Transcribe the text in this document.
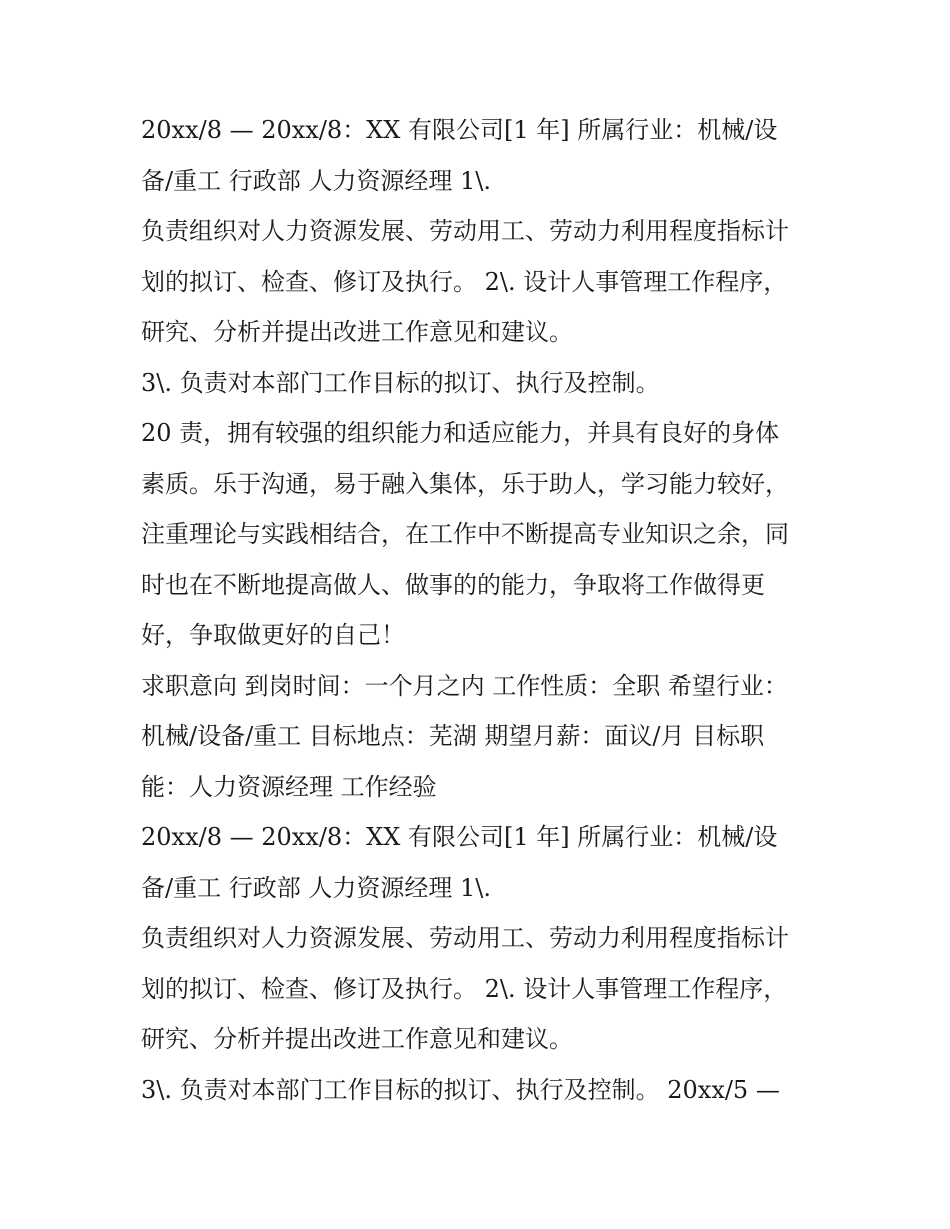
20xx/8 — 20xx/8：XX 有限公司[1 年] 所属行业：机械/设
备/重工 行政部 人力资源经理 1\.
负责组织对人力资源发展、劳动用工、劳动力利用程度指标计
划的拟订、检查、修订及执行。 2\. 设计人事管理工作程序，
研究、分析并提出改进工作意见和建议。
3\. 负责对本部门工作目标的拟订、执行及控制。
20 责，拥有较强的组织能力和适应能力，并具有良好的身体
素质。乐于沟通，易于融入集体，乐于助人，学习能力较好，
注重理论与实践相结合，在工作中不断提高专业知识之余，同
时也在不断地提高做人、做事的的能力，争取将工作做得更
好，争取做更好的自己！
求职意向 到岗时间：一个月之内 工作性质：全职 希望行业：
机械/设备/重工 目标地点：芜湖 期望月薪：面议/月 目标职
能：人力资源经理 工作经验
20xx/8 — 20xx/8：XX 有限公司[1 年] 所属行业：机械/设
备/重工 行政部 人力资源经理 1\.
负责组织对人力资源发展、劳动用工、劳动力利用程度指标计
划的拟订、检查、修订及执行。 2\. 设计人事管理工作程序，
研究、分析并提出改进工作意见和建议。
3\. 负责对本部门工作目标的拟订、执行及控制。 20xx/5 —
